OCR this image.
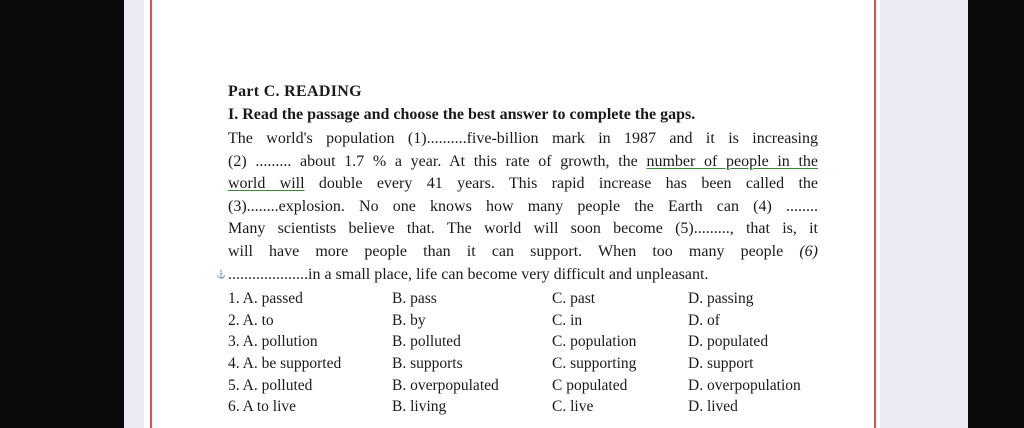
Part C. READING
I. Read the passage and choose the best answer to complete the gaps.
The world's population (1)..........five-billion mark in 1987 and it is increasing
(2) ......... about 1.7 % a year. At this rate of growth, the number of people in the
world will double every 41 years. This rapid increase has been called the
(3)........explosion. No one knows how many people the Earth can (4) ........
Many scientists believe that. The world will soon become (5)........., that is, it
will have more people than it can support. When too many people (6)
⚓ ....................in a small place, life can become very difficult and unpleasant.
1. A. passed	B. pass	C. past	D. passing
2. A. to	B. by	C. in	D. of
3. A. pollution	B. polluted	C. population	D. populated
4. A. be supported	B. supports	C. supporting	D. support
5. A. polluted	B. overpopulated	C populated	D. overpopulation
6. A to live	B. living	C. live	D. lived
